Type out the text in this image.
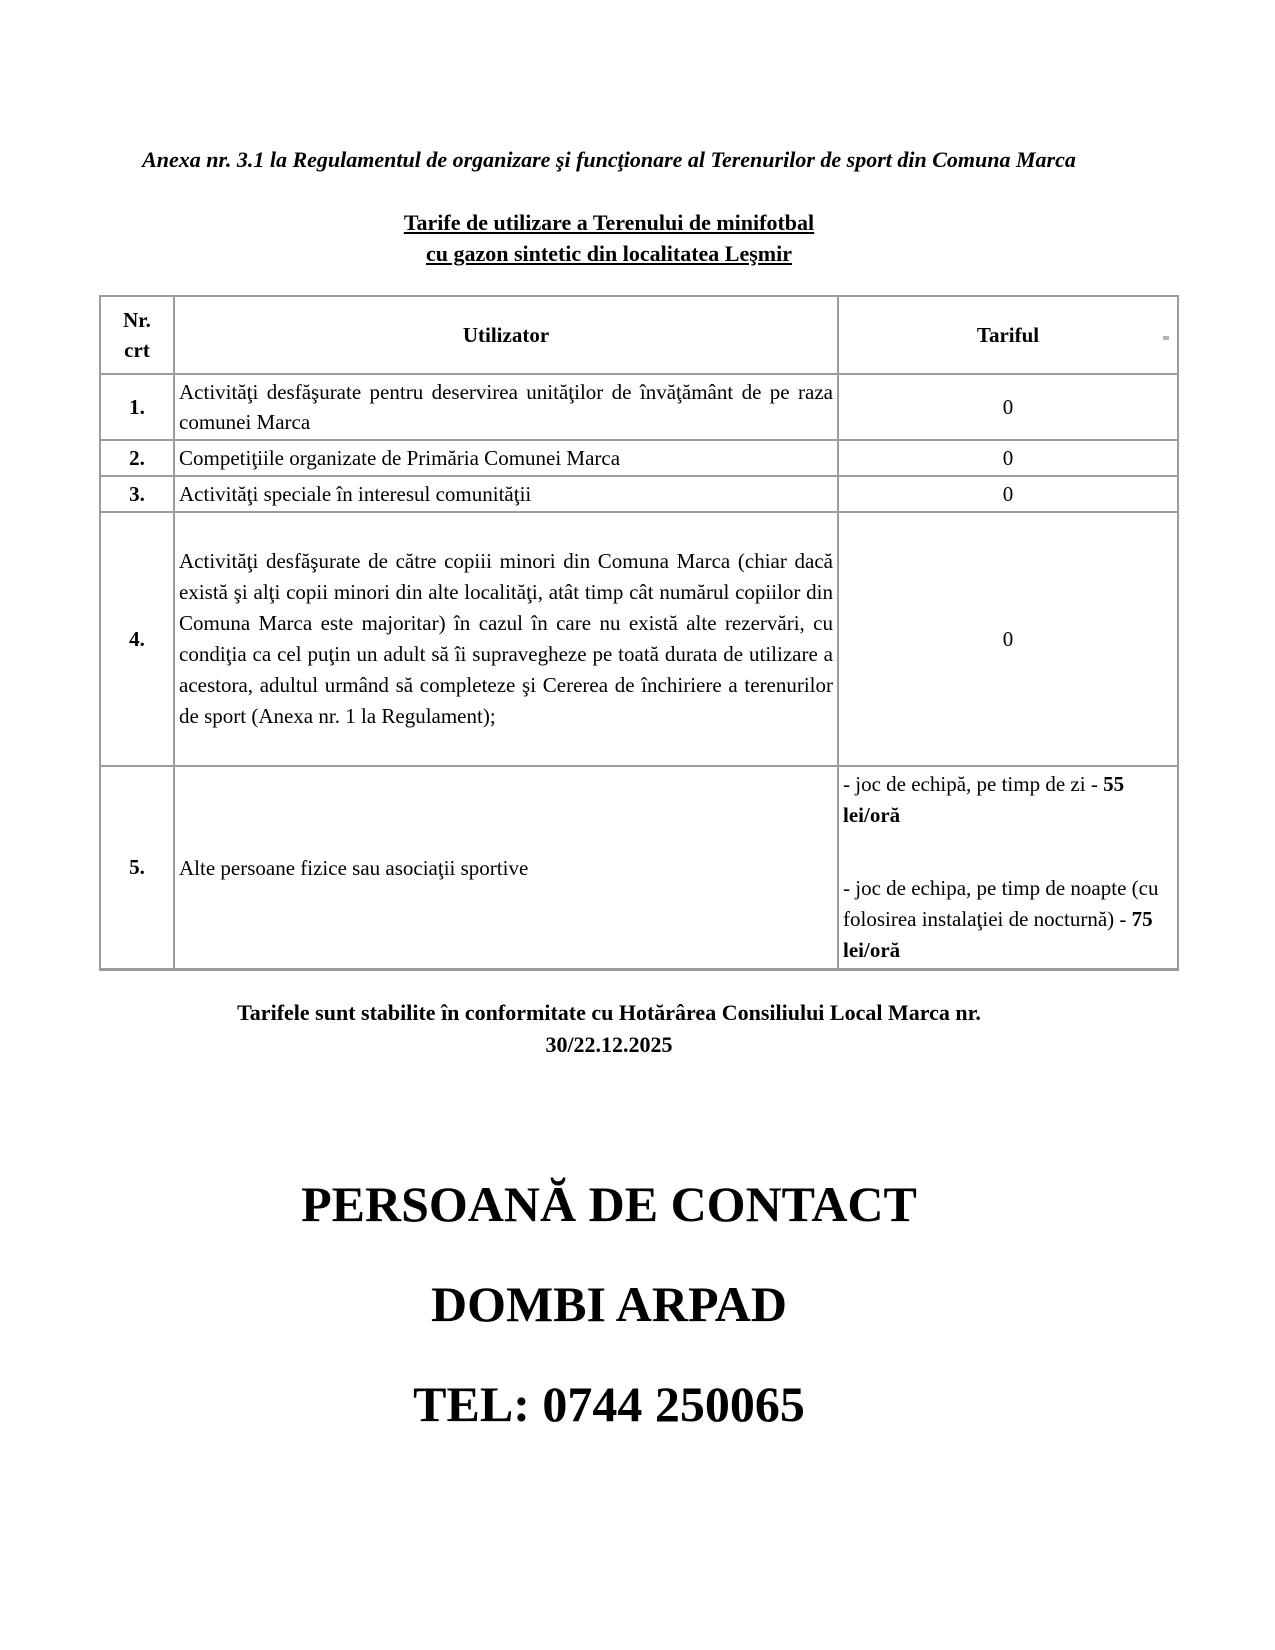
Anexa nr. 3.1 la Regulamentul de organizare şi funcţionare al Terenurilor de sport din Comuna Marca
Tarife de utilizare a Terenului de minifotbal
cu gazon sintetic din localitatea Leşmir
Nr.
crt	Utilizator	Tariful
1.	Activităţi desfăşurate pentru deservirea unităţilor de învăţământ de pe raza comunei Marca	0
2.	Competiţiile organizate de Primăria Comunei Marca	0
3.	Activităţi speciale în interesul comunităţii	0
4.	Activităţi desfăşurate de către copiii minori din Comuna Marca (chiar dacă există şi alţi copii minori din alte localităţi, atât timp cât numărul copiilor din Comuna Marca este majoritar) în cazul în care nu există alte rezervări, cu condiţia ca cel puţin un adult să îi supravegheze pe toată durata de utilizare a acestora, adultul urmând să completeze şi Cererea de închiriere a terenurilor de sport (Anexa nr. 1 la Regulament);	0
5.	Alte persoane fizice sau asociaţii sportive	- joc de echipă, pe timp de zi - 55 lei/oră
- joc de echipa, pe timp de noapte (cu folosirea instalaţiei de nocturnă) - 75 lei/oră
Tarifele sunt stabilite în conformitate cu Hotărârea Consiliului Local Marca nr.
30/22.12.2025
PERSOANĂ DE CONTACT
DOMBI ARPAD
TEL: 0744 250065
